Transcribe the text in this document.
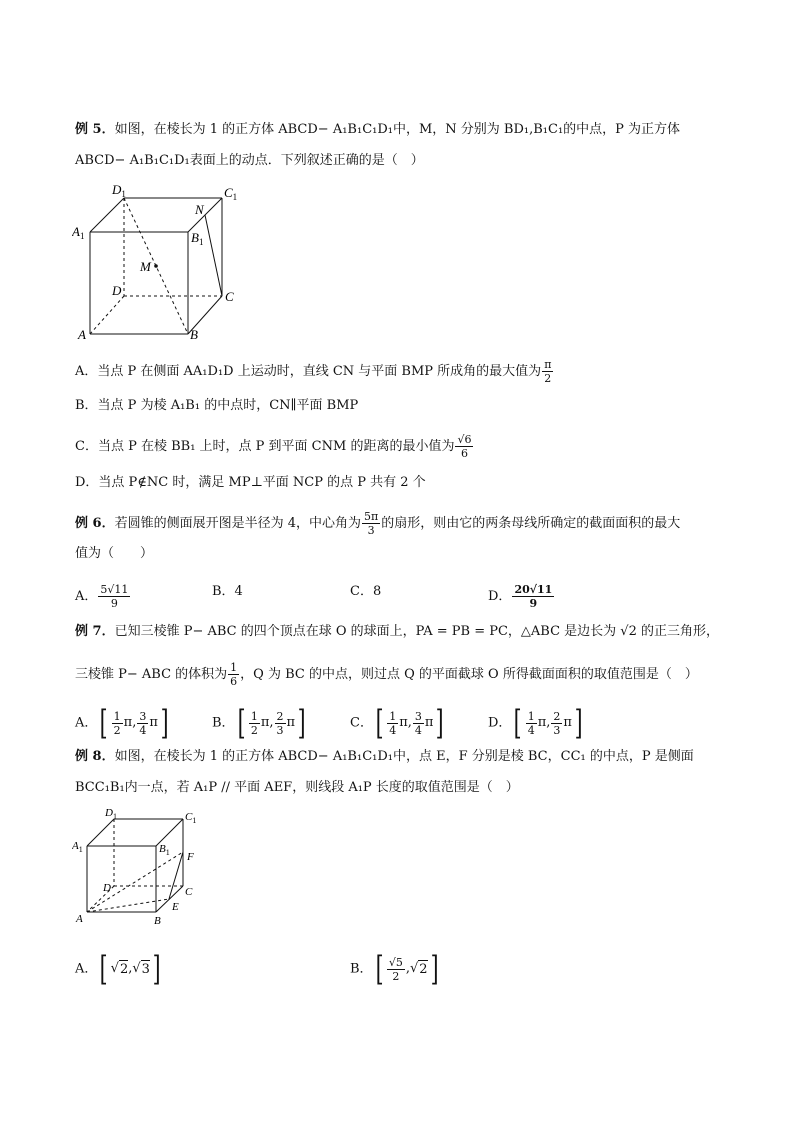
例 5．如图，在棱长为 1 的正方体 ABCD− A₁B₁C₁D₁中，M，N 分别为 BD₁,B₁C₁的中点，P 为正方体
ABCD− A₁B₁C₁D₁表面上的动点．下列叙述正确的是（　）
$D_1$	$C_1$
$A_1$	$B_1$
N
M
D	C
A	B
A．当点 P 在侧面 AA₁D₁D 上运动时，直线 CN 与平面 BMP 所成角的最大值为 $\frac{\pi}{2}$
B．当点 P 为棱 A₁B₁ 的中点时，CN∥平面 BMP
C．当点 P 在棱 BB₁ 上时，点 P 到平面 CNM 的距离的最小值为 $\frac{√6}{6}$
D．当点 P∉NC 时，满足 MP⊥平面 NCP 的点 P 共有 2 个
例 6．若圆锥的侧面展开图是半径为 4，中心角为 $\frac{5\pi}{3}$ 的扇形，则由它的两条母线所确定的截面面积的最大
值为（　　）
A． $\frac{5√11}{9}$	B．4	C．8	D． $\frac{20√11}{9}$
例 7．已知三棱锥 P− ABC 的四个顶点在球 O 的球面上，PA = PB = PC，△ABC 是边长为 √2 的正三角形，
三棱锥 P− ABC 的体积为 $\frac{1}{6}$ ，Q 为 BC 的中点，则过点 Q 的平面截球 O 所得截面面积的取值范围是（　）
A． [ $\frac{1}{2}$ π , $\frac{3}{4}$ π ]	B． [ $\frac{1}{2}$ π , $\frac{2}{3}$ π ]	C． [ $\frac{1}{4}$ π , $\frac{3}{4}$ π ]	D． [ $\frac{1}{4}$ π , $\frac{2}{3}$ π ]
例 8．如图，在棱长为 1 的正方体 ABCD− A₁B₁C₁D₁中，点 E，F 分别是棱 BC，CC₁ 的中点，P 是侧面
BCC₁B₁内一点，若 A₁P // 平面 AEF，则线段 A₁P 长度的取值范围是（　）
$D_1$	$C_1$
$A_1$	$B_1$ F
D	C
E
A	B
A． [ √ 2 ,√ 3 ]	B． [ $\frac{√5}{2}$ ,√ 2 ]
